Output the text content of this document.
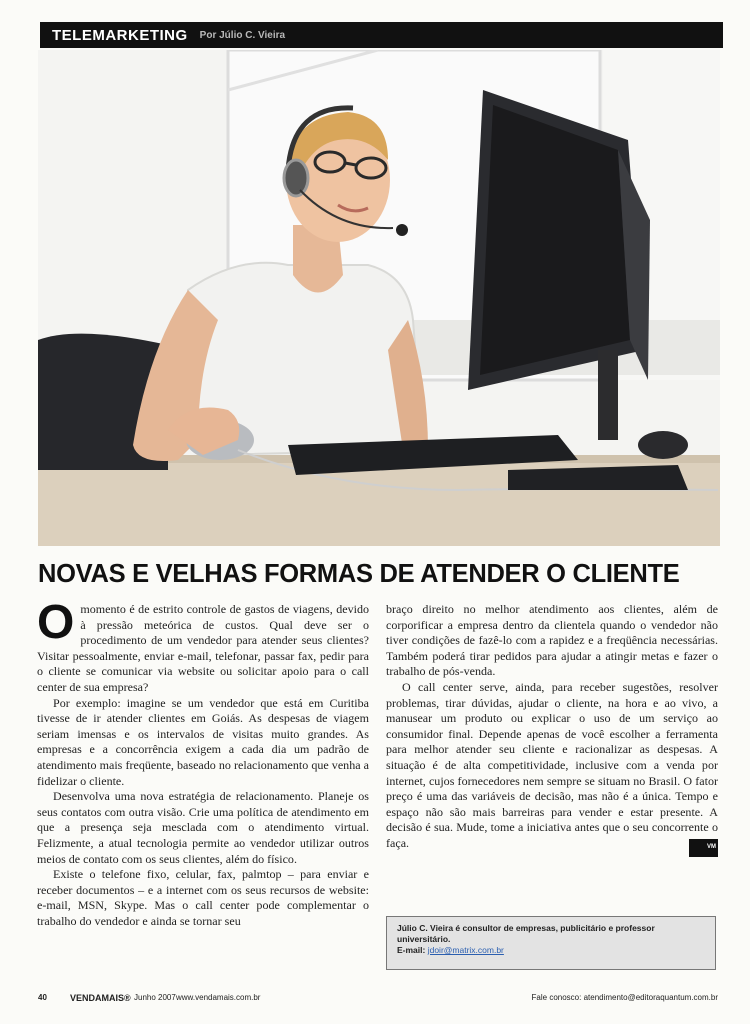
TELEMARKETING Por Júlio C. Vieira
NOVAS E VELHAS FORMAS DE ATENDER O CLIENTE

Omomento é de estrito controle de gastos de viagens, devido à pressão meteórica de custos. Qual deve ser o procedimento de um vendedor para atender seus clientes? Visitar pessoalmente, enviar e-mail, telefonar, passar fax, pedir para o cliente se comunicar via website ou solicitar apoio para o call center de sua empresa?

Por exemplo: imagine se um vendedor que está em Curitiba tivesse de ir atender clientes em Goiás. As despesas de viagem seriam imensas e os intervalos de visitas muito grandes. As empresas e a concorrência exigem a cada dia um padrão de atendimento mais freqüente, baseado no relacionamento que venha a fidelizar o cliente.

Desenvolva uma nova estratégia de relacionamento. Planeje os seus contatos com outra visão. Crie uma política de atendimento em que a presença seja mesclada com o atendimento virtual. Felizmente, a atual tecnologia permite ao vendedor utilizar outros meios de contato com os seus clientes, além do físico.

Existe o telefone fixo, celular, fax, palmtop – para enviar e receber documentos – e a internet com os seus recursos de website: e-mail, MSN, Skype. Mas o call center pode complementar o trabalho do vendedor e ainda se tornar seu

braço direito no melhor atendimento aos clientes, além de corporificar a empresa dentro da clientela quando o vendedor não tiver condições de fazê-lo com a rapidez e a freqüência necessárias. Também poderá tirar pedidos para ajudar a atingir metas e fazer o trabalho de pós-venda.

O call center serve, ainda, para receber sugestões, resolver problemas, tirar dúvidas, ajudar o cliente, na hora e ao vivo, a manusear um produto ou explicar o uso de um serviço ao consumidor final. Depende apenas de você escolher a ferramenta para melhor atender seu cliente e racionalizar as despesas. A situação é de alta competitividade, inclusive com a venda por internet, cujos fornecedores nem sempre se situam no Brasil. O fator preço é uma das variáveis de decisão, mas não é a única. Tempo e espaço não são mais barreiras para vender e estar presente. A decisão é sua. Mude, tome a iniciativa antes que o seu concorrente o faça.	VM

Júlio C. Vieira é consultor de empresas, publicitário e professor universitário.
E-mail: jdoir@matrix.com.br
40	VENDAMAIS® Junho 2007 www.vendamais.com.br	Fale conosco: atendimento@editoraquantum.com.br
